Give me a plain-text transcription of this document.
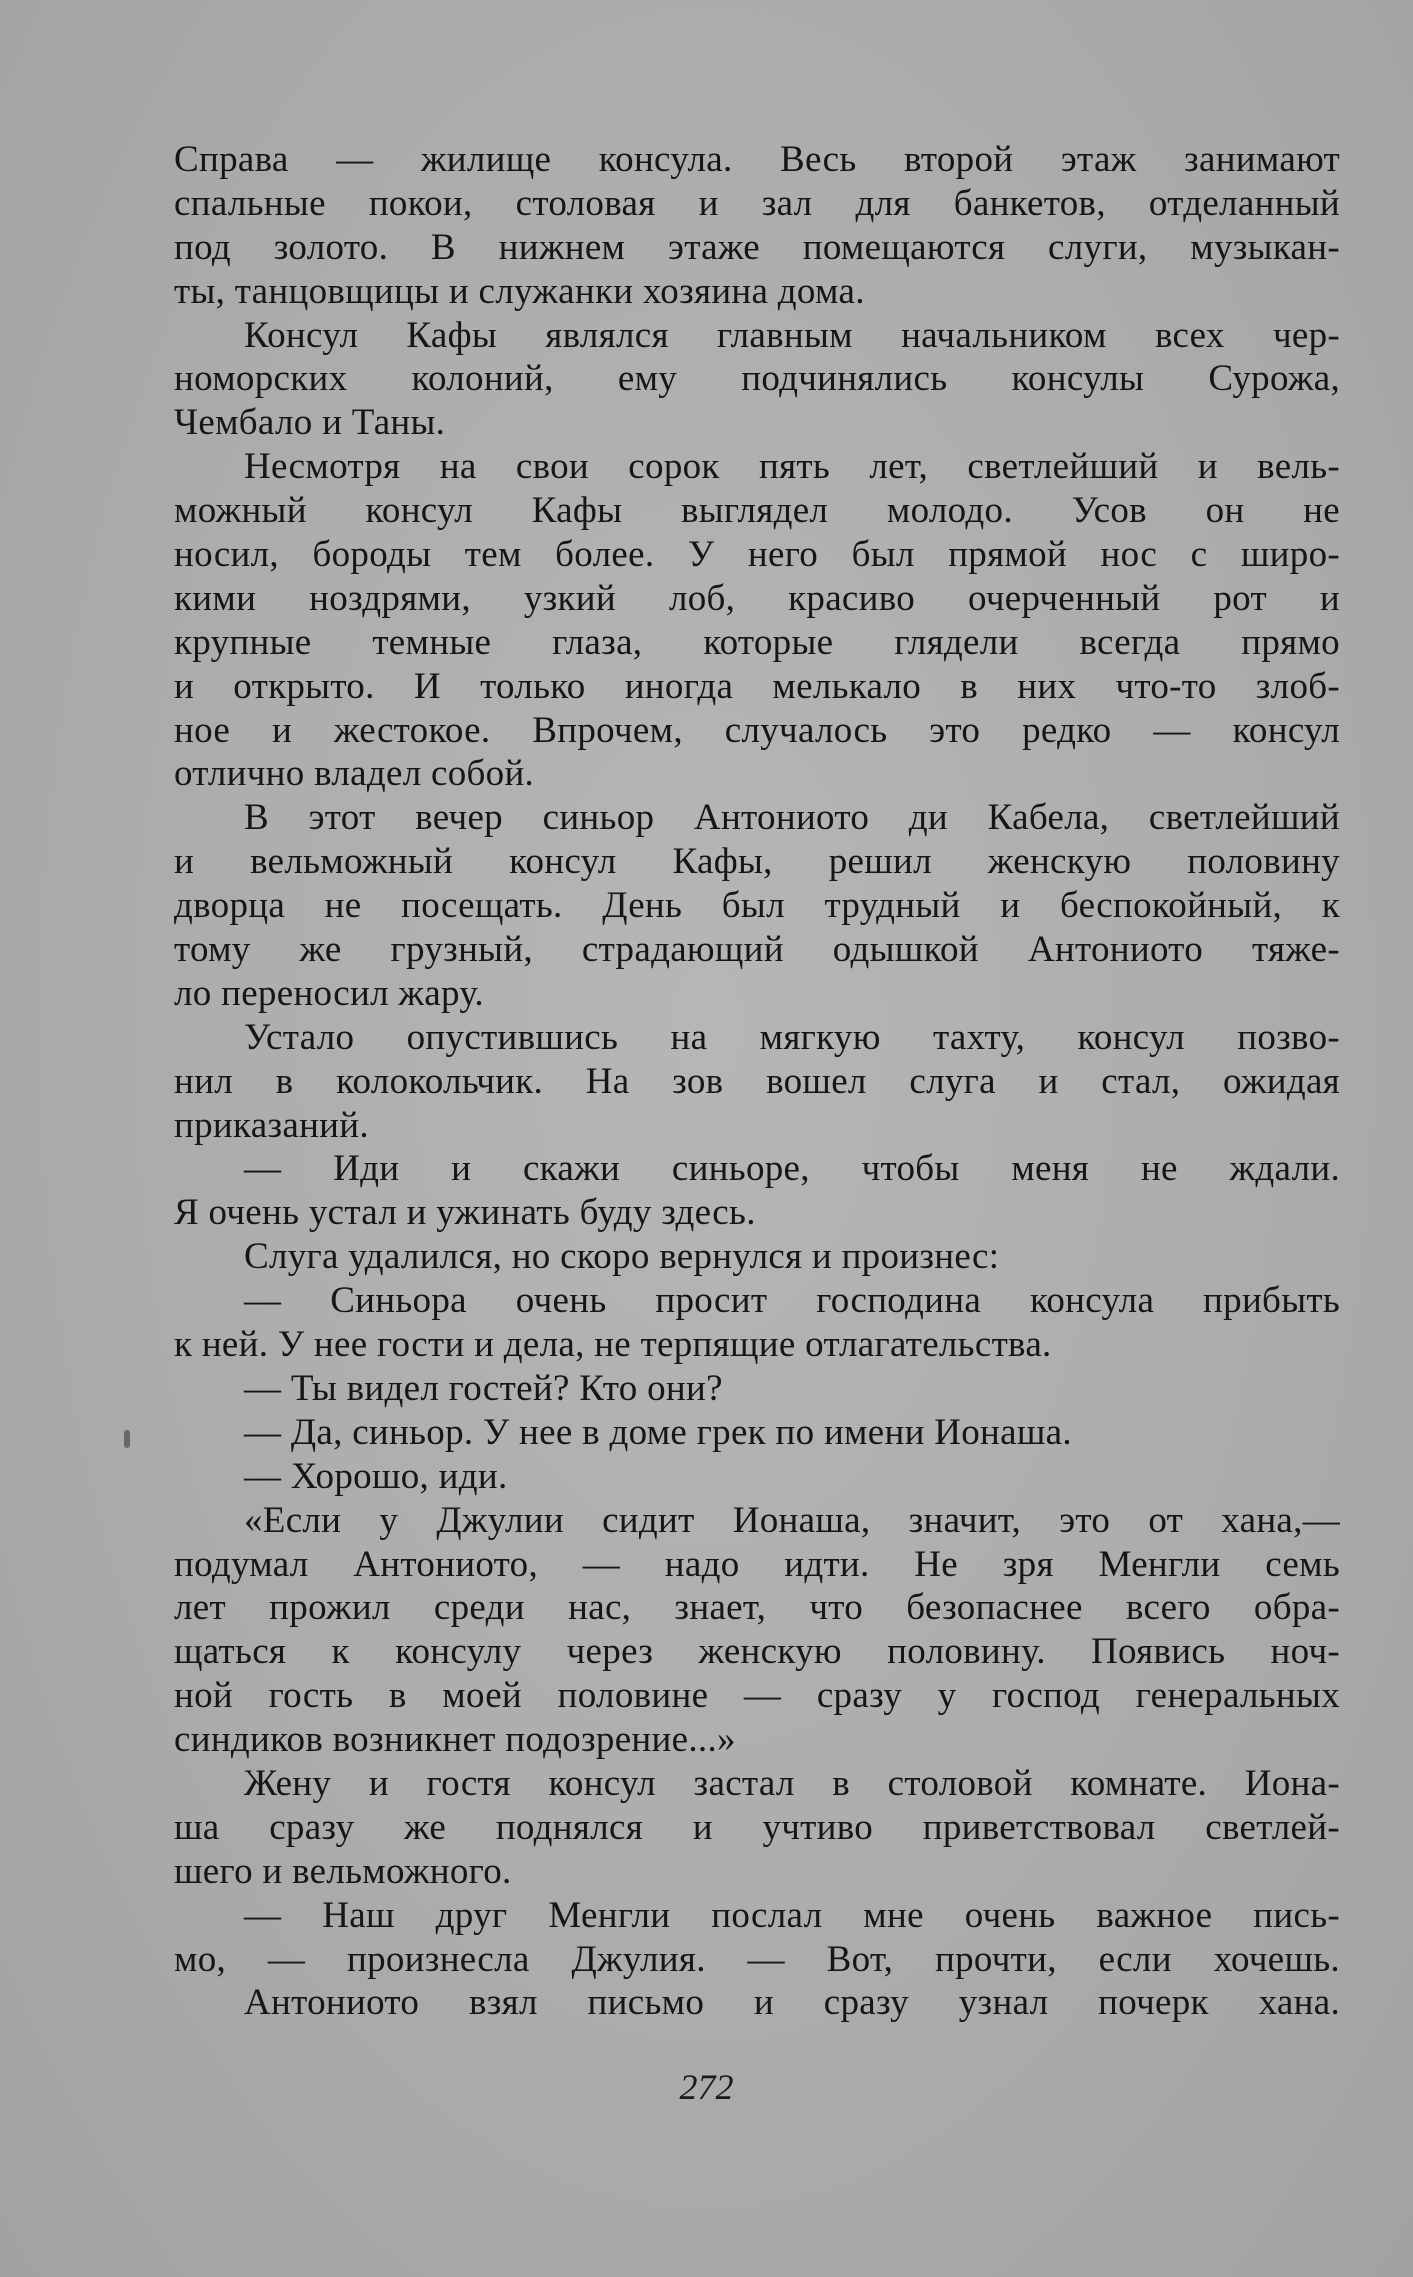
Справа — жилище консула. Весь второй этаж занимают
спальные покои, столовая и зал для банкетов, отделанный
под золото. В нижнем этаже помещаются слуги, музыкан-
ты, танцовщицы и служанки хозяина дома.
Консул Кафы являлся главным начальником всех чер-
номорских колоний, ему подчинялись консулы Сурожа,
Чембало и Таны.
Несмотря на свои сорок пять лет, светлейший и вель-
можный консул Кафы выглядел молодо. Усов он не
носил, бороды тем более. У него был прямой нос с широ-
кими ноздрями, узкий лоб, красиво очерченный рот и
крупные темные глаза, которые глядели всегда прямо
и открыто. И только иногда мелькало в них что-то злоб-
ное и жестокое. Впрочем, случалось это редко — консул
отлично владел собой.
В этот вечер синьор Антониото ди Кабела, светлейший
и вельможный консул Кафы, решил женскую половину
дворца не посещать. День был трудный и беспокойный, к
тому же грузный, страдающий одышкой Антониото тяже-
ло переносил жару.
Устало опустившись на мягкую тахту, консул позво-
нил в колокольчик. На зов вошел слуга и стал, ожидая
приказаний.
— Иди и скажи синьоре, чтобы меня не ждали.
Я очень устал и ужинать буду здесь.
Слуга удалился, но скоро вернулся и произнес:
— Синьора очень просит господина консула прибыть
к ней. У нее гости и дела, не терпящие отлагательства.
— Ты видел гостей? Кто они?
— Да, синьор. У нее в доме грек по имени Ионаша.
— Хорошо, иди.
«Если у Джулии сидит Ионаша, значит, это от хана,—
подумал Антониото, — надо идти. Не зря Менгли семь
лет прожил среди нас, знает, что безопаснее всего обра-
щаться к консулу через женскую половину. Появись ноч-
ной гость в моей половине — сразу у господ генеральных
синдиков возникнет подозрение...»
Жену и гостя консул застал в столовой комнате. Иона-
ша сразу же поднялся и учтиво приветствовал светлей-
шего и вельможного.
— Наш друг Менгли послал мне очень важное пись-
мо, — произнесла Джулия. — Вот, прочти, если хочешь.
Антониото взял письмо и сразу узнал почерк хана.
272
